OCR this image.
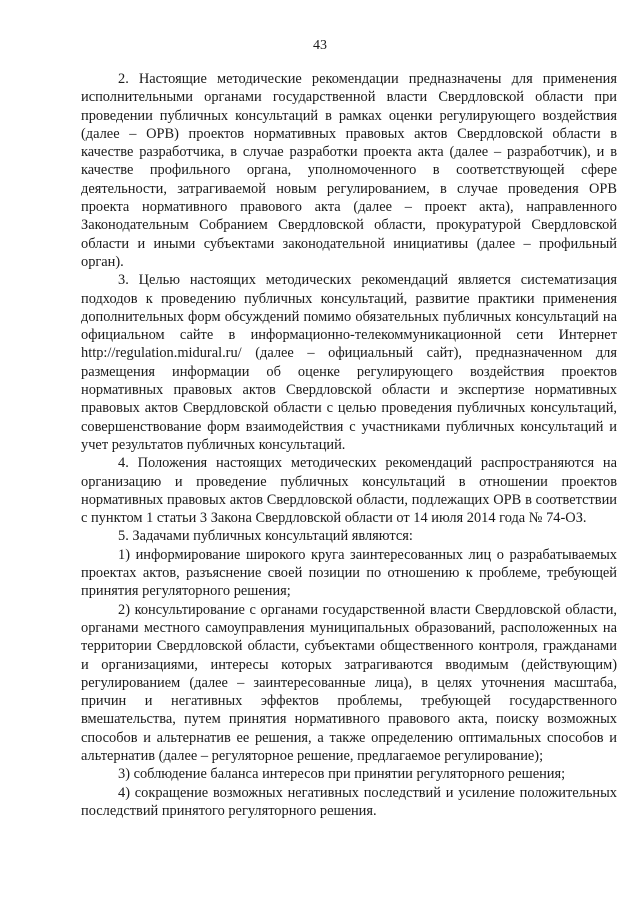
43

2. Настоящие методические рекомендации предназначены для применения исполнительными органами государственной власти Свердловской области при проведении публичных консультаций в рамках оценки регулирующего воздействия (далее – ОРВ) проектов нормативных правовых актов Свердловской области в качестве разработчика, в случае разработки проекта акта (далее – разработчик), и в качестве профильного органа, уполномоченного в соответствующей сфере деятельности, затрагиваемой новым регулированием, в случае проведения ОРВ проекта нормативного правового акта (далее – проект акта), направленного Законодательным Собранием Свердловской области, прокуратурой Свердловской области и иными субъектами законодательной инициативы (далее – профильный орган).

3. Целью настоящих методических рекомендаций является систематизация подходов к проведению публичных консультаций, развитие практики применения дополнительных форм обсуждений помимо обязательных публичных консультаций на официальном сайте в информационно-телекоммуникационной сети Интернет http://regulation.midural.ru/ (далее – официальный сайт), предназначенном для размещения информации об оценке регулирующего воздействия проектов нормативных правовых актов Свердловской области и экспертизе нормативных правовых актов Свердловской области с целью проведения публичных консультаций, совершенствование форм взаимодействия с участниками публичных консультаций и учет результатов публичных консультаций.

4. Положения настоящих методических рекомендаций распространяются на организацию и проведение публичных консультаций в отношении проектов нормативных правовых актов Свердловской области, подлежащих ОРВ в соответствии с пунктом 1 статьи 3 Закона Свердловской области от 14 июля 2014 года № 74-ОЗ.

5. Задачами публичных консультаций являются:

1) информирование широкого круга заинтересованных лиц о разрабатываемых проектах актов, разъяснение своей позиции по отношению к проблеме, требующей принятия регуляторного решения;

2) консультирование с органами государственной власти Свердловской области, органами местного самоуправления муниципальных образований, расположенных на территории Свердловской области, субъектами общественного контроля, гражданами и организациями, интересы которых затрагиваются вводимым (действующим) регулированием (далее – заинтересованные лица), в целях уточнения масштаба, причин и негативных эффектов проблемы, требующей государственного вмешательства, путем принятия нормативного правового акта, поиску возможных способов и альтернатив ее решения, а также определению оптимальных способов и альтернатив (далее – регуляторное решение, предлагаемое регулирование);

3) соблюдение баланса интересов при принятии регуляторного решения;

4) сокращение возможных негативных последствий и усиление положительных последствий принятого регуляторного решения.
